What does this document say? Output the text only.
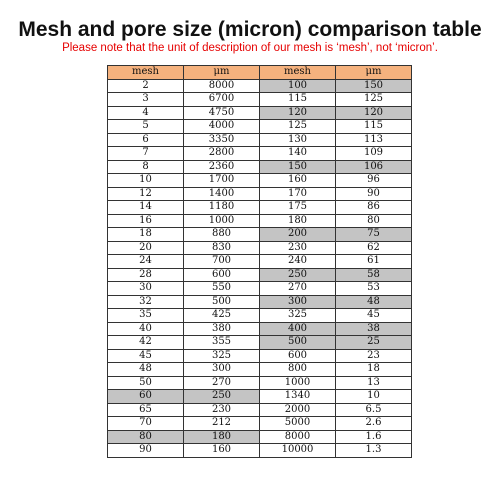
Mesh and pore size (micron) comparison table
Please note that the unit of description of our mesh is ‘mesh’, not ‘micron’.
mesh	μm	mesh	μm
2	8000	100	150
3	6700	115	125
4	4750	120	120
5	4000	125	115
6	3350	130	113
7	2800	140	109
8	2360	150	106
10	1700	160	96
12	1400	170	90
14	1180	175	86
16	1000	180	80
18	880	200	75
20	830	230	62
24	700	240	61
28	600	250	58
30	550	270	53
32	500	300	48
35	425	325	45
40	380	400	38
42	355	500	25
45	325	600	23
48	300	800	18
50	270	1000	13
60	250	1340	10
65	230	2000	6.5
70	212	5000	2.6
80	180	8000	1.6
90	160	10000	1.3
